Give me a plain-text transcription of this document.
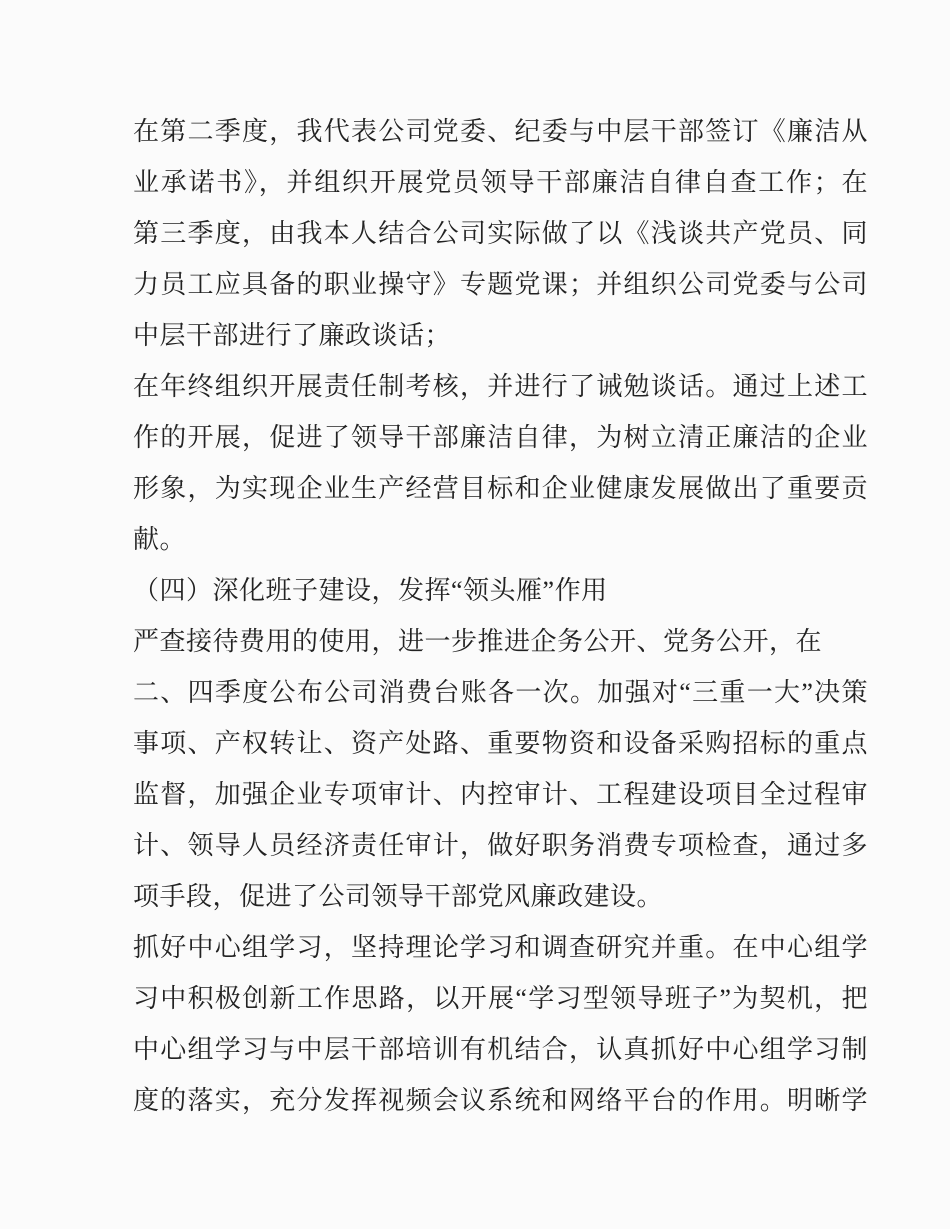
在第二季度，我代表公司党委、纪委与中层干部签订《廉洁从
业承诺书》，并组织开展党员领导干部廉洁自律自查工作；在
第三季度，由我本人结合公司实际做了以《浅谈共产党员、同
力员工应具备的职业操守》专题党课；并组织公司党委与公司
中层干部进行了廉政谈话；
在年终组织开展责任制考核，并进行了诫勉谈话。通过上述工
作的开展，促进了领导干部廉洁自律，为树立清正廉洁的企业
形象，为实现企业生产经营目标和企业健康发展做出了重要贡
献。
（四）深化班子建设，发挥“领头雁”作用
严查接待费用的使用，进一步推进企务公开、党务公开，在
二、四季度公布公司消费台账各一次。加强对“三重一大”决策
事项、产权转让、资产处路、重要物资和设备采购招标的重点
监督，加强企业专项审计、内控审计、工程建设项目全过程审
计、领导人员经济责任审计，做好职务消费专项检查，通过多
项手段，促进了公司领导干部党风廉政建设。
抓好中心组学习，坚持理论学习和调查研究并重。在中心组学
习中积极创新工作思路，以开展“学习型领导班子”为契机，把
中心组学习与中层干部培训有机结合，认真抓好中心组学习制
度的落实，充分发挥视频会议系统和网络平台的作用。明晰学
